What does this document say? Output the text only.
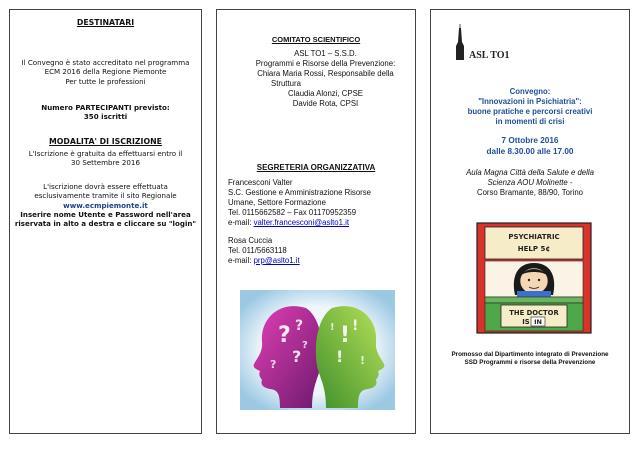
DESTINATARI

Il Convegno è stato accreditato nel programma

ECM 2016 della Regione Piemonte

Per tutte le professioni

Numero PARTECIPANTI previsto:

350 iscritti

MODALITA' DI ISCRIZIONE

L'Iscrizione è gratuita da effettuarsi entro il

30 Settembre 2016

L'iscrizione dovrà essere effettuata

esclusivamente tramite il sito Regionale

www.ecmpiemonte.it

Inserire nome Utente e Password nell'area

riservata in alto a destra e cliccare su "login"

COMITATO SCIENTIFICO

ASL TO1 – S.S.D.

Programmi e Risorse della Prevenzione:

Chiara Maria Rossi, Responsabile della

Struttura

Claudia Alonzi, CPSE

Davide Rota, CPSI

SEGRETERIA ORGANIZZATIVA

Francesconi Valter

S.C. Gestione e Amministrazione Risorse

Umane, Settore Formazione

Tel. 0115662582 – Fax 01170952359

e-mail: valter.francesconi@aslto1.it

Rosa Cuccia

Tel. 011/5663118

e-mail: prp@aslto1.it

? ?
?
?
? ! !
! !
!
ASL TO1

Convegno:

"Innovazioni in Psichiatria":

buone pratiche e percorsi creativi

in momenti di crisi

7 Ottobre 2016

dalle 8.30.00 alle 17.00

Aula Magna Città della Salute e della

Scienza AOU Molinette -

Corso Bramante, 88/90, Torino

PSYCHIATRIC
HELP 5¢
THE DOCTOR
IS IN

Promosso dal Dipartimento integrato di Prevenzione

SSD Programmi e risorse della Prevenzione
